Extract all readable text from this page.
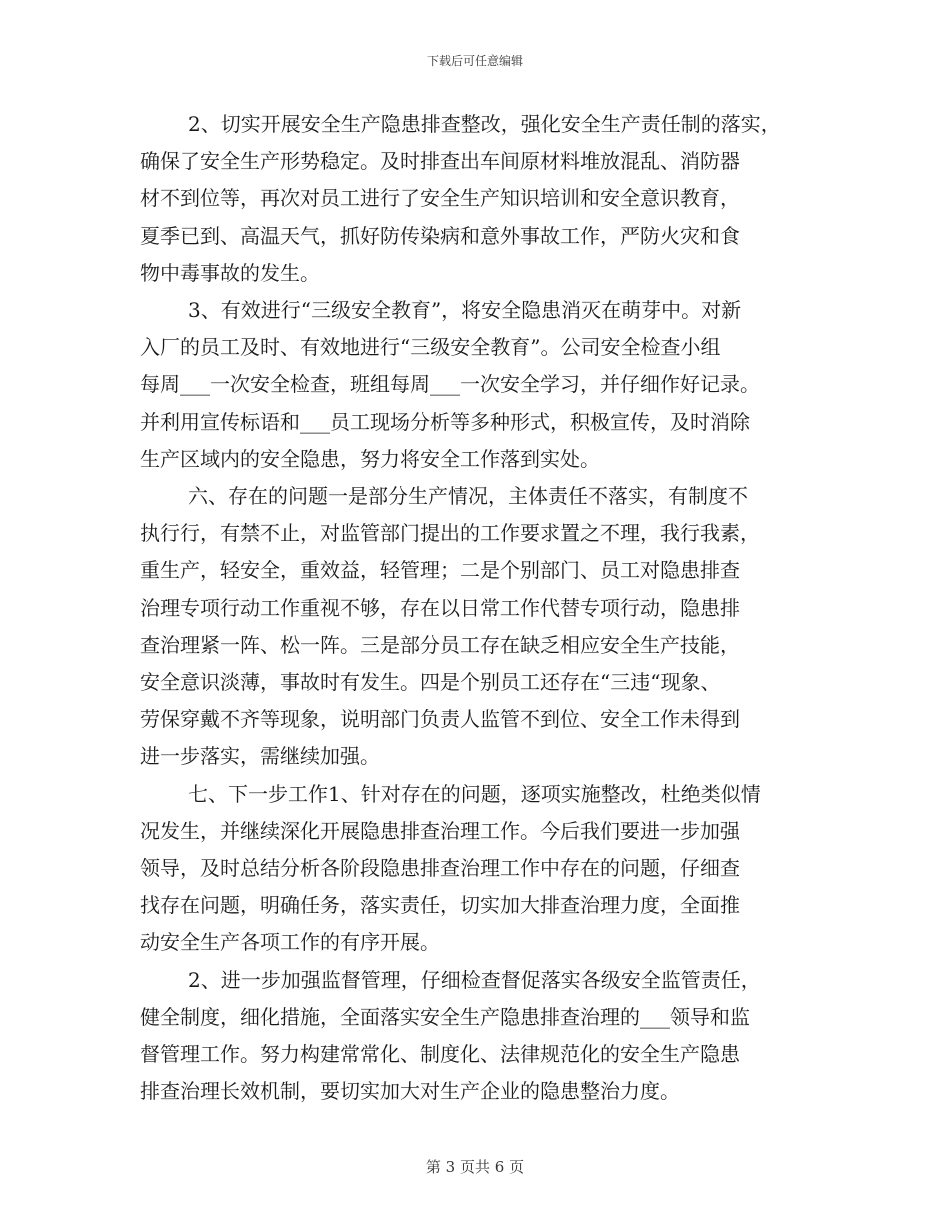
下载后可任意编辑

2、切实开展安全生产隐患排查整改，强化安全生产责任制的落实，
确保了安全生产形势稳定。及时排查出车间原材料堆放混乱、消防器
材不到位等，再次对员工进行了安全生产知识培训和安全意识教育，
夏季已到、高温天气，抓好防传染病和意外事故工作，严防火灾和食
物中毒事故的发生。

3、有效进行“三级安全教育”，将安全隐患消灭在萌芽中。对新
入厂的员工及时、有效地进行“三级安全教育”。公司安全检查小组
每周___一次安全检查，班组每周___一次安全学习，并仔细作好记录。
并利用宣传标语和___员工现场分析等多种形式，积极宣传，及时消除
生产区域内的安全隐患，努力将安全工作落到实处。

六、存在的问题一是部分生产情况，主体责任不落实，有制度不
执行行，有禁不止，对监管部门提出的工作要求置之不理，我行我素，
重生产，轻安全，重效益，轻管理；二是个别部门、员工对隐患排查
治理专项行动工作重视不够，存在以日常工作代替专项行动，隐患排
查治理紧一阵、松一阵。三是部分员工存在缺乏相应安全生产技能，
安全意识淡薄，事故时有发生。四是个别员工还存在“三违“现象、
劳保穿戴不齐等现象，说明部门负责人监管不到位、安全工作未得到
进一步落实，需继续加强。

七、下一步工作1、针对存在的问题，逐项实施整改，杜绝类似情
况发生，并继续深化开展隐患排查治理工作。今后我们要进一步加强
领导，及时总结分析各阶段隐患排查治理工作中存在的问题，仔细查
找存在问题，明确任务，落实责任，切实加大排查治理力度，全面推
动安全生产各项工作的有序开展。

2、进一步加强监督管理，仔细检查督促落实各级安全监管责任，
健全制度，细化措施，全面落实安全生产隐患排查治理的___领导和监
督管理工作。努力构建常常化、制度化、法律规范化的安全生产隐患
排查治理长效机制，要切实加大对生产企业的隐患整治力度。

第 3 页共 6 页
